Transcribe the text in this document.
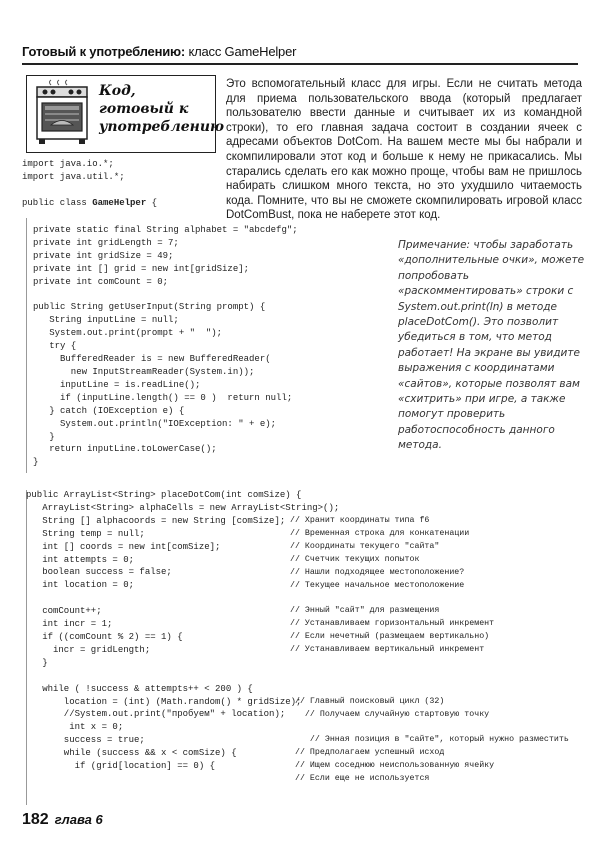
Готовый к употреблению: класс GameHelper
Код, готовый к употреблению
Это вспомогательный класс для игры. Если не считать метода для приема пользовательского ввода (который предлагает пользователю ввести данные и считывает их из командной строки), то его главная задача состоит в создании ячеек с адресами объектов DotCom. На вашем месте мы бы набрали и скомпилировали этот код и больше к нему не прикасались. Мы старались сделать его как можно проще, чтобы вам не пришлось набирать слишком много текста, но это ухудшило читаемость кода. Помните, что вы не сможете скомпилировать игровой класс DotComBust, пока не наберете этот код.
import java.io.*;
import java.util.*;
public class GameHelper {
private static final String alphabet = "abcdefg";
private int gridLength = 7;
private int gridSize = 49;
private int [] grid = new int[gridSize];
private int comCount = 0;

public String getUserInput(String prompt) {
String inputLine = null;
System.out.print(prompt + "  ");
try {
BufferedReader is = new BufferedReader(
new InputStreamReader(System.in));
inputLine = is.readLine();
if (inputLine.length() == 0 )  return null;
} catch (IOException e) {
System.out.println("IOException: " + e);
}
return inputLine.toLowerCase();
}
Примечание: чтобы заработать «дополнительные очки», можете попробовать «раскомментировать» строки с System.out.print(ln) в методе placeDotCom(). Это позволит убедиться в том, что метод работает! На экране вы увидите выражения с координатами «сайтов», которые позволят вам «схитрить» при игре, а также помогут проверить работоспособность данного метода.
public ArrayList<String> placeDotCom(int comSize) {
ArrayList<String> alphaCells = new ArrayList<String>();
String [] alphacoords = new String [comSize];
String temp = null;
int [] coords = new int[comSize];
int attempts = 0;
boolean success = false;
int location = 0;

comCount++;
int incr = 1;
if ((comCount % 2) == 1) {
incr = gridLength;
}

while ( !success & attempts++ < 200 ) {
location = (int) (Math.random() * gridSize);
//System.out.print("пробуем" + location);
int x = 0;
success = true;
while (success && x < comSize) {
if (grid[location] == 0) {
// Хранит координаты типа f6
// Временная строка для конкатенации
// Координаты текущего "сайта"
// Счетчик текущих попыток
// Нашли подходящее местоположение?
// Текущее начальное местоположение

// Энный "сайт" для размещения
// Устанавливаем горизонтальный инкремент
// Если нечетный (размещаем вертикально)
// Устанавливаем вертикальный инкремент

// Главный поисковый цикл (32)
// Получаем случайную стартовую точку

// Энная позиция в "сайте", который нужно разместить
// Предполагаем успешный исход
// Ищем соседнюю неиспользованную ячейку
// Если еще не используется
182 глава 6
